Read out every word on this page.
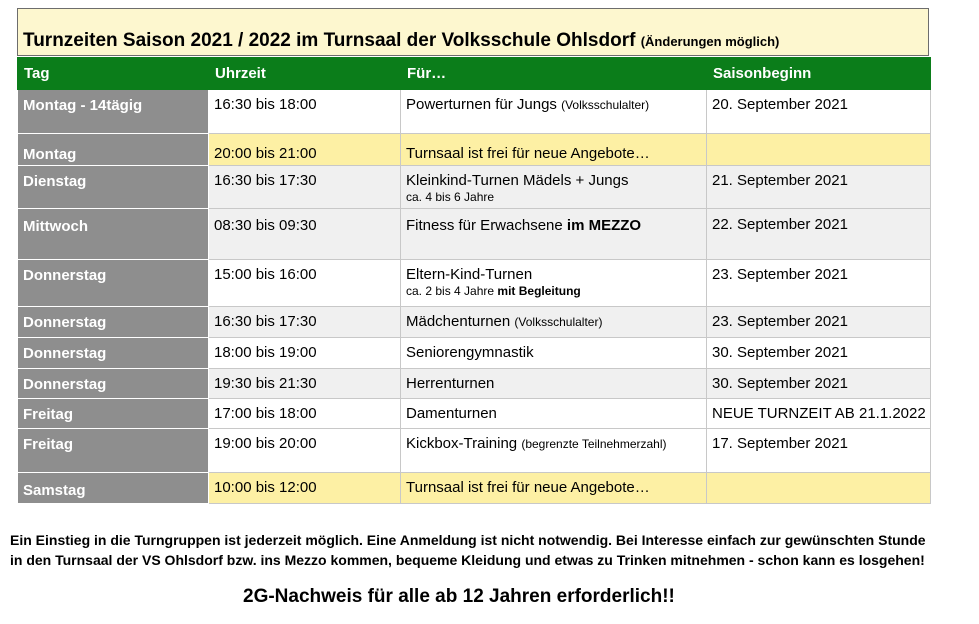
Turnzeiten Saison 2021 / 2022 im Turnsaal der Volksschule Ohlsdorf (Änderungen möglich)
Tag	Uhrzeit	Für…	Saisonbeginn
Montag - 14tägig	16:30 bis 18:00	Powerturnen für Jungs (Volksschulalter)	20. September 2021
Montag	20:00 bis 21:00	Turnsaal ist frei für neue Angebote…	
Dienstag	16:30 bis 17:30	Kleinkind-Turnen Mädels + Jungs
ca. 4 bis 6 Jahre	21. September 2021
Mittwoch	08:30 bis 09:30	Fitness für Erwachsene im MEZZO	22. September 2021
Donnerstag	15:00 bis 16:00	Eltern-Kind-Turnen
ca. 2 bis 4 Jahre mit Begleitung	23. September 2021
Donnerstag	16:30 bis 17:30	Mädchenturnen (Volksschulalter)	23. September 2021
Donnerstag	18:00 bis 19:00	Seniorengymnastik	30. September 2021
Donnerstag	19:30 bis 21:30	Herrenturnen	30. September 2021
Freitag	17:00 bis 18:00	Damenturnen	NEUE TURNZEIT AB 21.1.2022
Freitag	19:00 bis 20:00	Kickbox-Training (begrenzte Teilnehmerzahl)	17. September 2021
Samstag	10:00 bis 12:00	Turnsaal ist frei für neue Angebote…	

Ein Einstieg in die Turngruppen ist jederzeit möglich. Eine Anmeldung ist nicht notwendig. Bei Interesse einfach zur gewünschten Stunde

in den Turnsaal der VS Ohlsdorf bzw. ins Mezzo kommen, bequeme Kleidung und etwas zu Trinken mitnehmen - schon kann es losgehen!

2G-Nachweis für alle ab 12 Jahren erforderlich!!
